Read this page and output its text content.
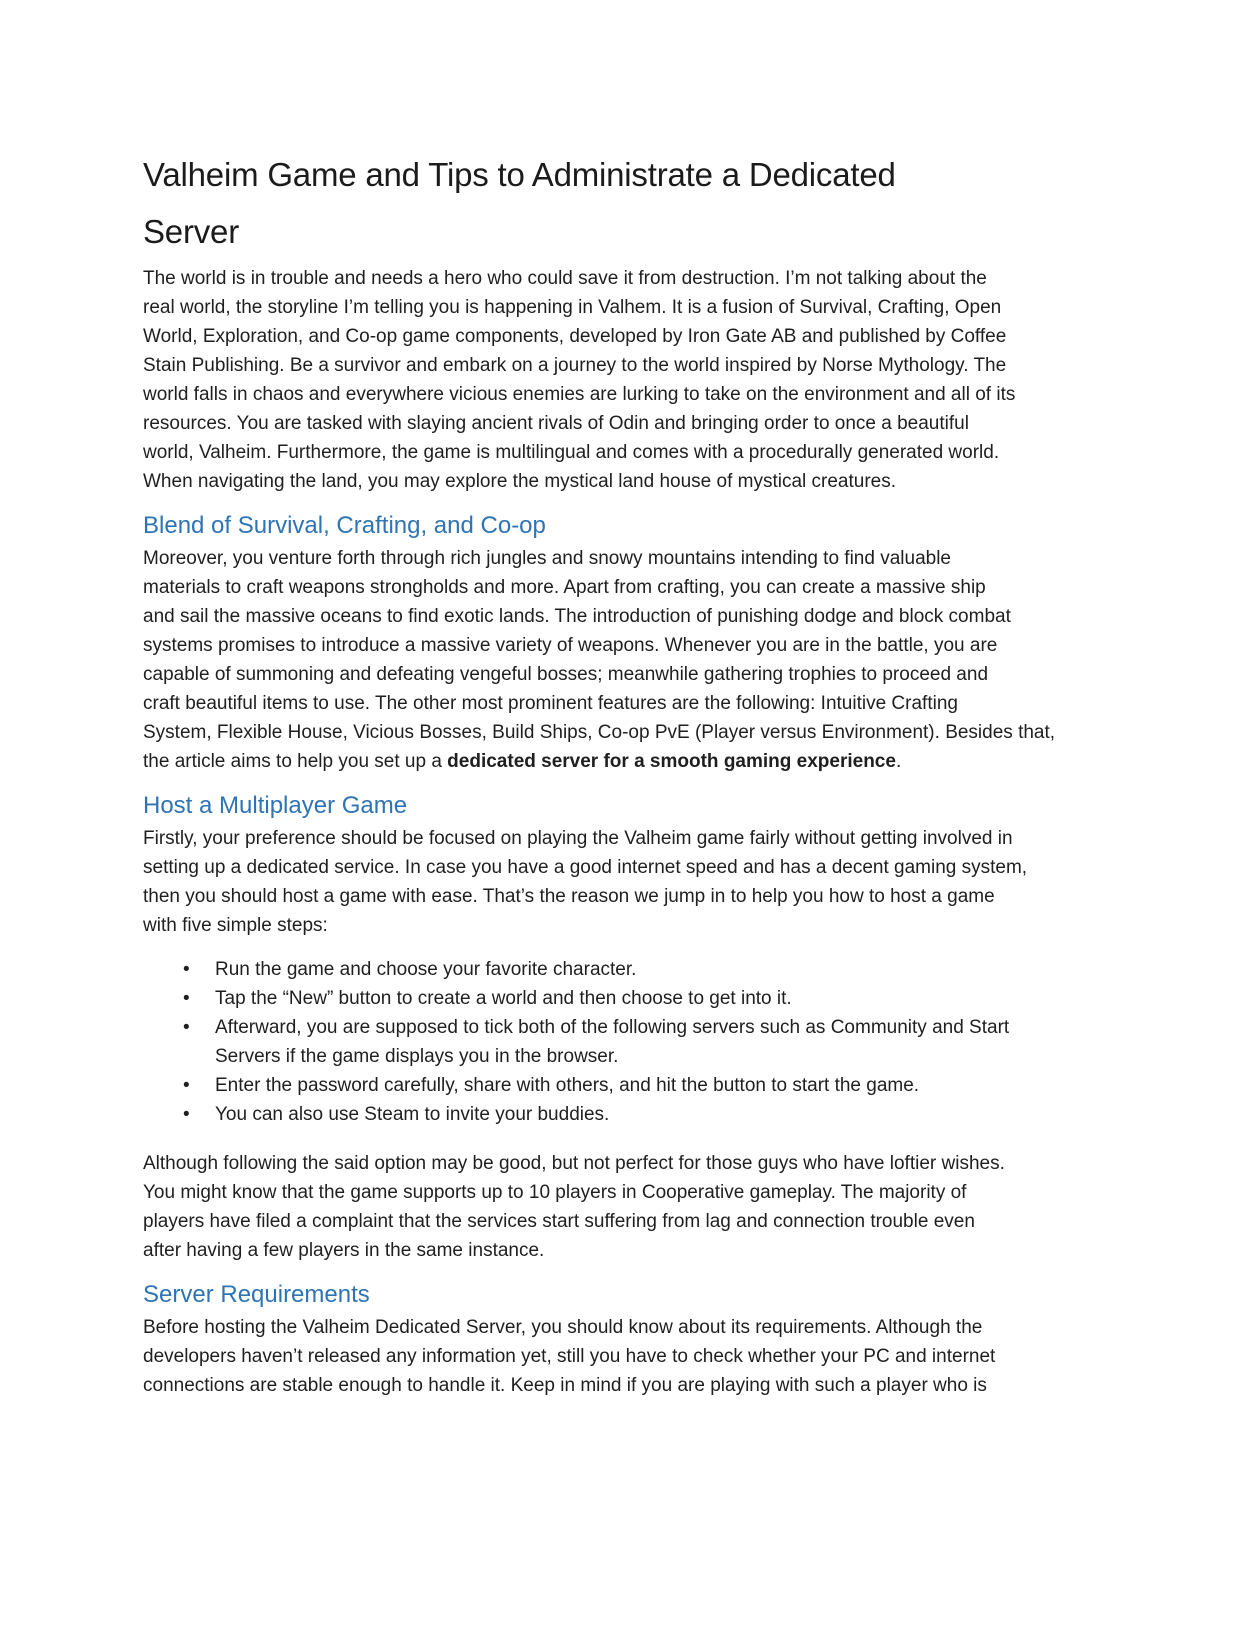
Valheim Game and Tips to Administrate a Dedicated
Server
The world is in trouble and needs a hero who could save it from destruction. I’m not talking about the
real world, the storyline I’m telling you is happening in Valhem. It is a fusion of Survival, Crafting, Open
World, Exploration, and Co-op game components, developed by Iron Gate AB and published by Coffee
Stain Publishing. Be a survivor and embark on a journey to the world inspired by Norse Mythology. The
world falls in chaos and everywhere vicious enemies are lurking to take on the environment and all of its
resources. You are tasked with slaying ancient rivals of Odin and bringing order to once a beautiful
world, Valheim. Furthermore, the game is multilingual and comes with a procedurally generated world.
When navigating the land, you may explore the mystical land house of mystical creatures.
Blend of Survival, Crafting, and Co-op
Moreover, you venture forth through rich jungles and snowy mountains intending to find valuable
materials to craft weapons strongholds and more. Apart from crafting, you can create a massive ship
and sail the massive oceans to find exotic lands. The introduction of punishing dodge and block combat
systems promises to introduce a massive variety of weapons. Whenever you are in the battle, you are
capable of summoning and defeating vengeful bosses; meanwhile gathering trophies to proceed and
craft beautiful items to use. The other most prominent features are the following: Intuitive Crafting
System, Flexible House, Vicious Bosses, Build Ships, Co-op PvE (Player versus Environment). Besides that,
the article aims to help you set up a dedicated server for a smooth gaming experience.
Host a Multiplayer Game
Firstly, your preference should be focused on playing the Valheim game fairly without getting involved in
setting up a dedicated service. In case you have a good internet speed and has a decent gaming system,
then you should host a game with ease. That’s the reason we jump in to help you how to host a game
with five simple steps:
•	Run the game and choose your favorite character.
•	Tap the “New” button to create a world and then choose to get into it.
•	Afterward, you are supposed to tick both of the following servers such as Community and Start
Servers if the game displays you in the browser.
•	Enter the password carefully, share with others, and hit the button to start the game.
•	You can also use Steam to invite your buddies.
Although following the said option may be good, but not perfect for those guys who have loftier wishes.
You might know that the game supports up to 10 players in Cooperative gameplay. The majority of
players have filed a complaint that the services start suffering from lag and connection trouble even
after having a few players in the same instance.
Server Requirements
Before hosting the Valheim Dedicated Server, you should know about its requirements. Although the
developers haven’t released any information yet, still you have to check whether your PC and internet
connections are stable enough to handle it. Keep in mind if you are playing with such a player who is
